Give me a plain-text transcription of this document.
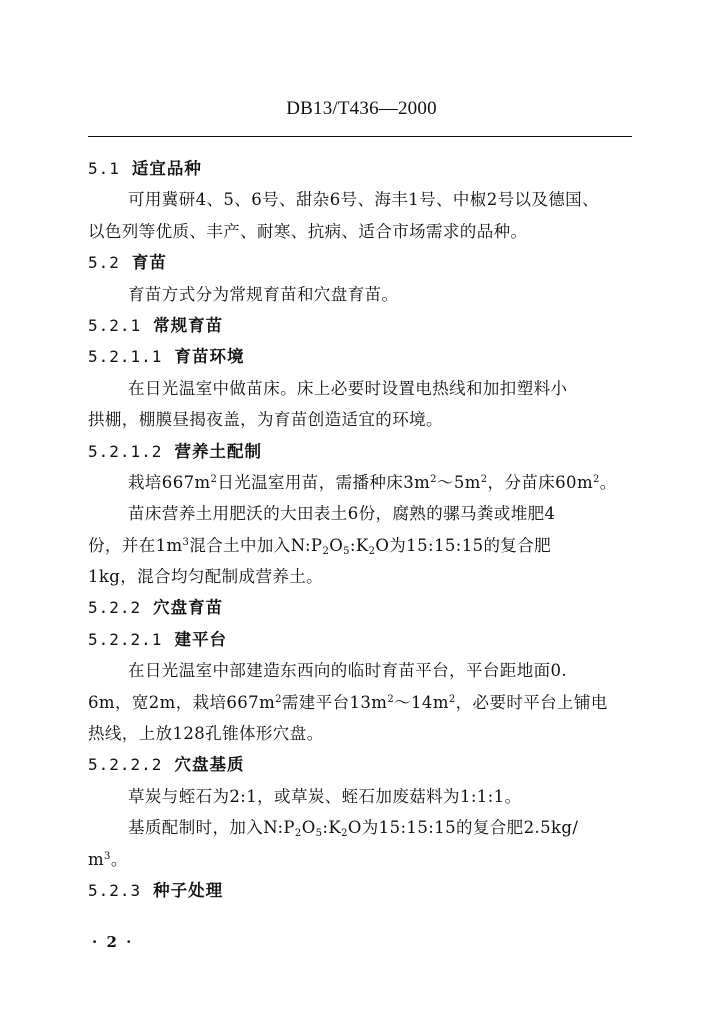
DB13/T436—2000
5.1 适宜品种
可用冀研4、5、6号、甜杂6号、海丰1号、中椒2号以及德国、
以色列等优质、丰产、耐寒、抗病、适合市场需求的品种。
5.2 育苗
育苗方式分为常规育苗和穴盘育苗。
5.2.1 常规育苗
5.2.1.1 育苗环境
在日光温室中做苗床。床上必要时设置电热线和加扣塑料小
拱棚，棚膜昼揭夜盖，为育苗创造适宜的环境。
5.2.1.2 营养土配制
栽培$667m^2$日光温室用苗，需播种床$3m^2\sim 5m^2$，分苗床$60m^2$。
苗床营养土用肥沃的大田表土6份，腐熟的骡马粪或堆肥4
份，并在$1m^3$混合土中加入$N:P_2O_5:K_2O$为15:15:15的复合肥
1kg，混合均匀配制成营养土。
5.2.2 穴盘育苗
5.2.2.1 建平台
在日光温室中部建造东西向的临时育苗平台，平台距地面0.
6m，宽2m，栽培$667m^2$需建平台$13m^2\sim 14m^2$，必要时平台上铺电
热线，上放128孔锥体形穴盘。
5.2.2.2 穴盘基质
草炭与蛭石为2:1，或草炭、蛭石加废菇料为1:1:1。
基质配制时，加入$N:P_2O_5:K_2O$为15:15:15的复合肥2.5kg/
$m^3$。
5.2.3 种子处理
· 2 ·
